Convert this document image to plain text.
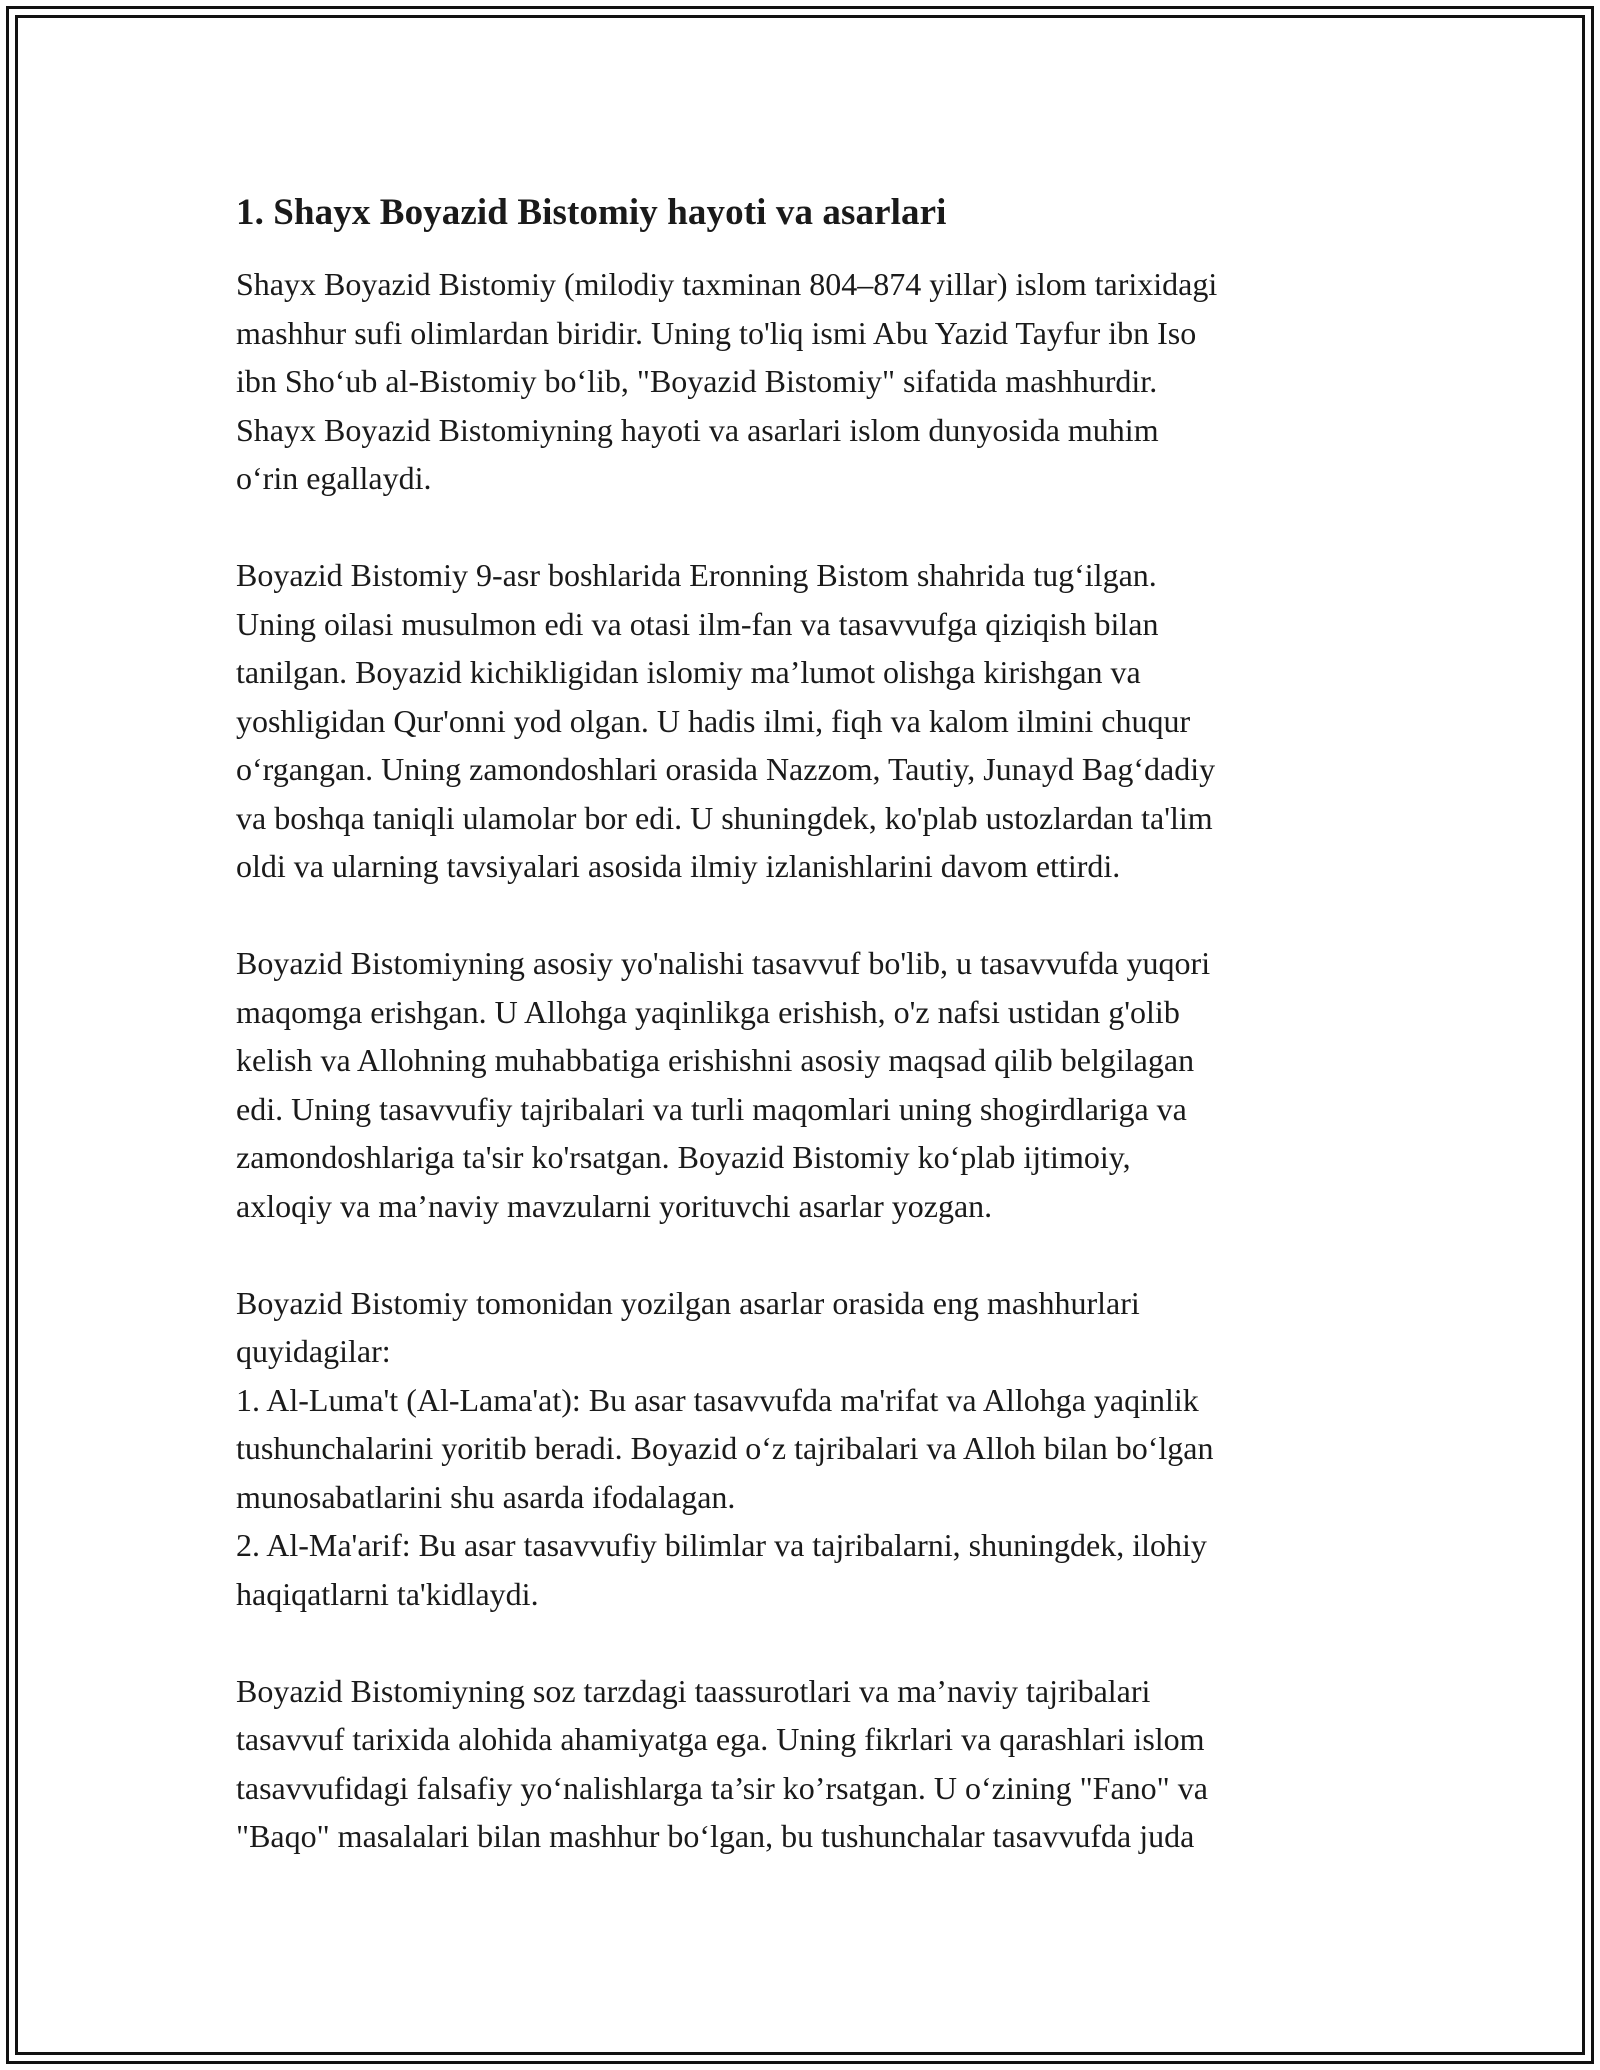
1. Shayx Boyazid Bistomiy hayoti va asarlari

Shayx Boyazid Bistomiy (milodiy taxminan 804–874 yillar) islom tarixidagi
mashhur sufi olimlardan biridir. Uning to'liq ismi Abu Yazid Tayfur ibn Iso
ibn Sho‘ub al-Bistomiy bo‘lib, "Boyazid Bistomiy" sifatida mashhurdir.
Shayx Boyazid Bistomiyning hayoti va asarlari islom dunyosida muhim
o‘rin egallaydi.

Boyazid Bistomiy 9-asr boshlarida Eronning Bistom shahrida tug‘ilgan.
Uning oilasi musulmon edi va otasi ilm-fan va tasavvufga qiziqish bilan
tanilgan. Boyazid kichikligidan islomiy ma’lumot olishga kirishgan va
yoshligidan Qur'onni yod olgan. U hadis ilmi, fiqh va kalom ilmini chuqur
o‘rgangan. Uning zamondoshlari orasida Nazzom, Tautiy, Junayd Bag‘dadiy
va boshqa taniqli ulamolar bor edi. U shuningdek, ko'plab ustozlardan ta'lim
oldi va ularning tavsiyalari asosida ilmiy izlanishlarini davom ettirdi.

Boyazid Bistomiyning asosiy yo'nalishi tasavvuf bo'lib, u tasavvufda yuqori
maqomga erishgan. U Allohga yaqinlikga erishish, o'z nafsi ustidan g'olib
kelish va Allohning muhabbatiga erishishni asosiy maqsad qilib belgilagan
edi. Uning tasavvufiy tajribalari va turli maqomlari uning shogirdlariga va
zamondoshlariga ta'sir ko'rsatgan. Boyazid Bistomiy ko‘plab ijtimoiy,
axloqiy va ma’naviy mavzularni yorituvchi asarlar yozgan.

Boyazid Bistomiy tomonidan yozilgan asarlar orasida eng mashhurlari
quyidagilar:
1. Al-Luma't (Al-Lama'at): Bu asar tasavvufda ma'rifat va Allohga yaqinlik
tushunchalarini yoritib beradi. Boyazid o‘z tajribalari va Alloh bilan bo‘lgan
munosabatlarini shu asarda ifodalagan.
2. Al-Ma'arif: Bu asar tasavvufiy bilimlar va tajribalarni, shuningdek, ilohiy
haqiqatlarni ta'kidlaydi.

Boyazid Bistomiyning soz tarzdagi taassurotlari va ma’naviy tajribalari
tasavvuf tarixida alohida ahamiyatga ega. Uning fikrlari va qarashlari islom
tasavvufidagi falsafiy yo‘nalishlarga ta’sir ko’rsatgan. U o‘zining "Fano" va
"Baqo" masalalari bilan mashhur bo‘lgan, bu tushunchalar tasavvufda juda
